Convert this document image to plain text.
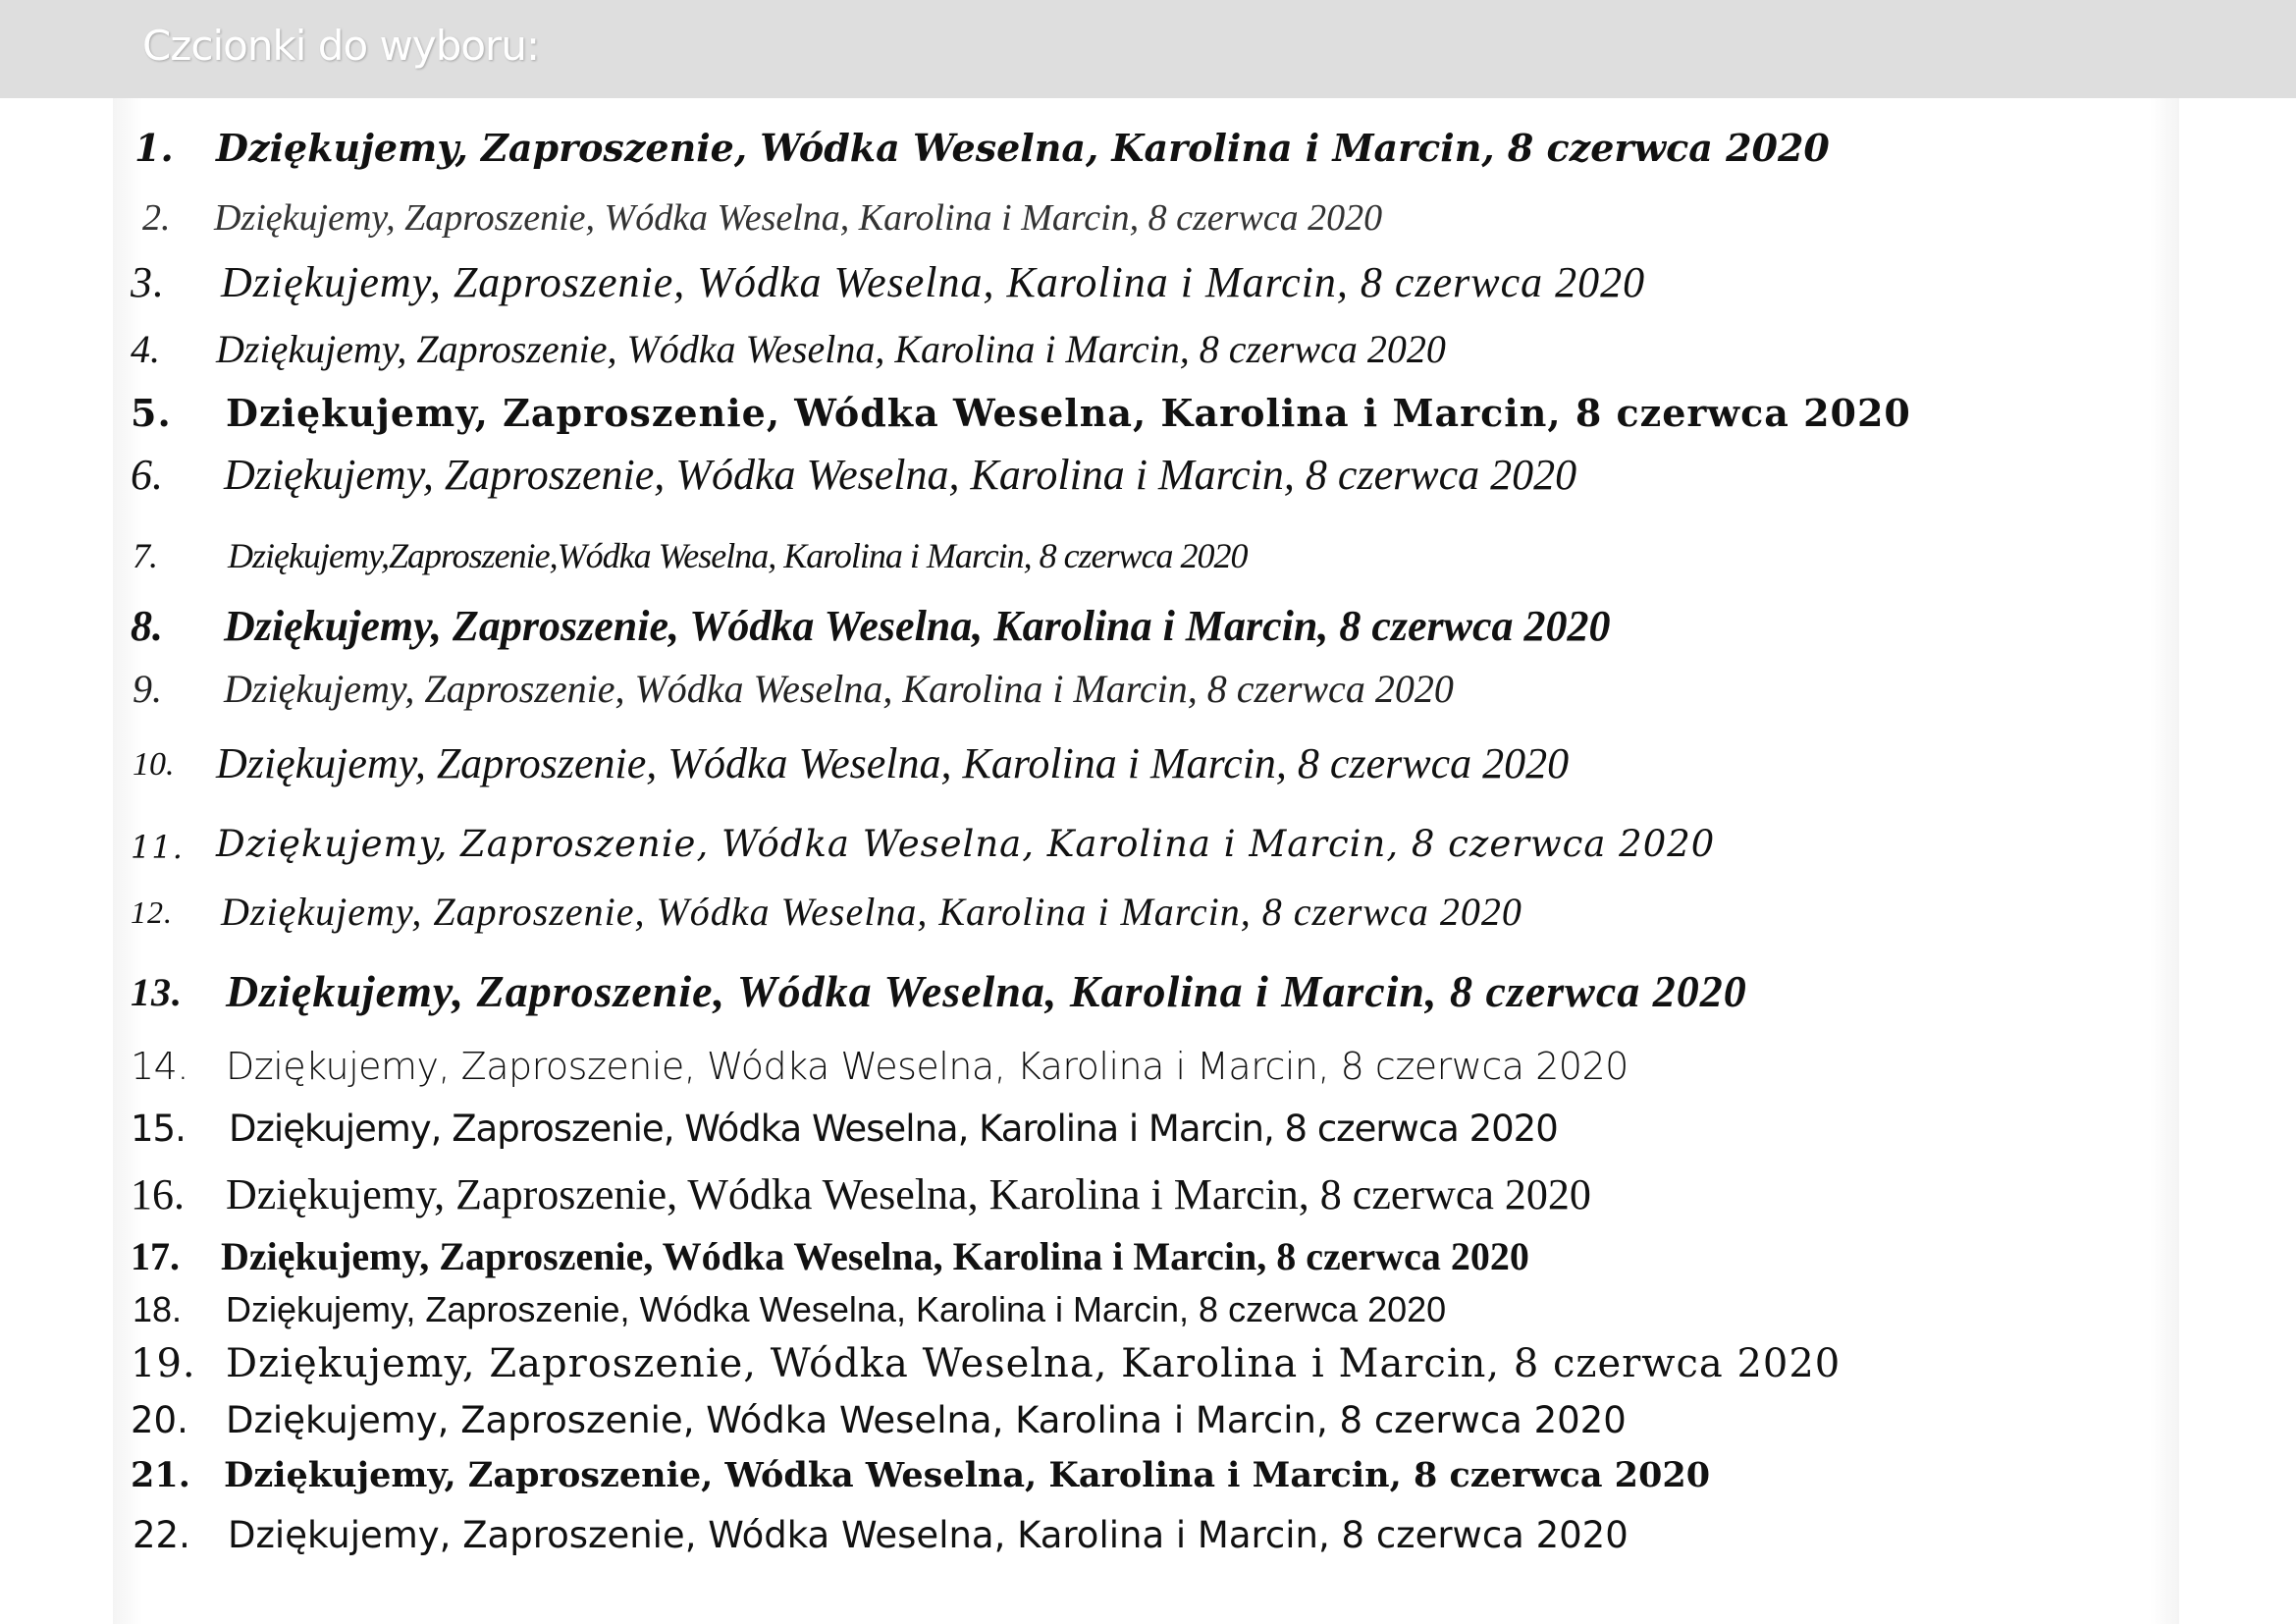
Czcionki do wyboru:
1. Dziękujemy, Zaproszenie, Wódka Weselna, Karolina i Marcin, 8 czerwca 2020
2. Dziękujemy, Zaproszenie, Wódka Weselna, Karolina i Marcin, 8 czerwca 2020
3. Dziękujemy, Zaproszenie, Wódka Weselna, Karolina i Marcin, 8 czerwca 2020
4. Dziękujemy, Zaproszenie, Wódka Weselna, Karolina i Marcin, 8 czerwca 2020
5. Dziękujemy, Zaproszenie, Wódka Weselna, Karolina i Marcin, 8 czerwca 2020
6. Dziękujemy, Zaproszenie, Wódka Weselna, Karolina i Marcin, 8 czerwca 2020
7. Dziękujemy,Zaproszenie,Wódka Weselna, Karolina i Marcin, 8 czerwca 2020
8. Dziękujemy, Zaproszenie, Wódka Weselna, Karolina i Marcin, 8 czerwca 2020
9. Dziękujemy, Zaproszenie, Wódka Weselna, Karolina i Marcin, 8 czerwca 2020
10. Dziękujemy, Zaproszenie, Wódka Weselna, Karolina i Marcin, 8 czerwca 2020
11. Dziękujemy, Zaproszenie, Wódka Weselna, Karolina i Marcin, 8 czerwca 2020
12. Dziękujemy, Zaproszenie, Wódka Weselna, Karolina i Marcin, 8 czerwca 2020
13. Dziękujemy, Zaproszenie, Wódka Weselna, Karolina i Marcin, 8 czerwca 2020
14. Dziękujemy, Zaproszenie, Wódka Weselna, Karolina i Marcin, 8 czerwca 2020
15. Dziękujemy, Zaproszenie, Wódka Weselna, Karolina i Marcin, 8 czerwca 2020
16. Dziękujemy, Zaproszenie, Wódka Weselna, Karolina i Marcin, 8 czerwca 2020
17. Dziękujemy, Zaproszenie, Wódka Weselna, Karolina i Marcin, 8 czerwca 2020
18. Dziękujemy, Zaproszenie, Wódka Weselna, Karolina i Marcin, 8 czerwca 2020
19. Dziękujemy, Zaproszenie, Wódka Weselna, Karolina i Marcin, 8 czerwca 2020
20. Dziękujemy, Zaproszenie, Wódka Weselna, Karolina i Marcin, 8 czerwca 2020
21. Dziękujemy, Zaproszenie, Wódka Weselna, Karolina i Marcin, 8 czerwca 2020
22. Dziękujemy, Zaproszenie, Wódka Weselna, Karolina i Marcin, 8 czerwca 2020
